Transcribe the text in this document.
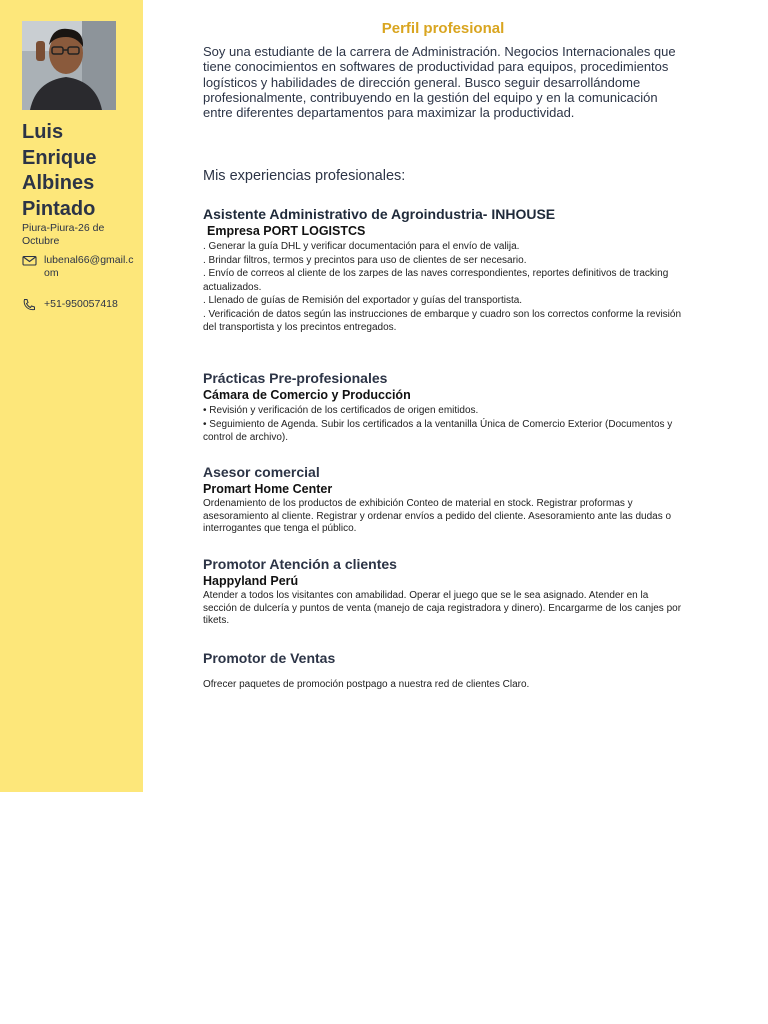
Luis
Enrique
Albines
Pintado
Piura-Piura-26 de Octubre
lubenal66@gmail.com
+51-950057418
Perfil profesional
Soy una estudiante de la carrera de Administración. Negocios Internacionales que tiene conocimientos en softwares de productividad para equipos, procedimientos logísticos y habilidades de dirección general. Busco seguir desarrollándome profesionalmente, contribuyendo en la gestión del equipo y en la comunicación entre diferentes departamentos para maximizar la productividad.
Mis experiencias profesionales:
Asistente Administrativo de Agroindustria- INHOUSE
Empresa PORT LOGISTCS
. Generar la guía DHL y verificar documentación para el envío de valija.
. Brindar filtros, termos y precintos para uso de clientes de ser necesario.
. Envío de correos al cliente de los zarpes de las naves correspondientes, reportes definitivos de tracking actualizados.
. Llenado de guías de Remisión del exportador y guías del transportista.
. Verificación de datos según las instrucciones de embarque y cuadro son los correctos conforme la revisión del transportista y los precintos entregados.
Prácticas Pre-profesionales
Cámara de Comercio y Producción
• Revisión y verificación de los certificados de origen emitidos.
• Seguimiento de Agenda. Subir los certificados a la ventanilla Única de Comercio Exterior (Documentos y control de archivo).
Asesor comercial
Promart Home Center
Ordenamiento de los productos de exhibición Conteo de material en stock. Registrar proformas y asesoramiento al cliente. Registrar y ordenar envíos a pedido del cliente. Asesoramiento ante las dudas o interrogantes que tenga el público.
Promotor Atención a clientes
Happyland Perú
Atender a todos los visitantes con amabilidad. Operar el juego que se le sea asignado. Atender en la sección de dulcería y puntos de venta (manejo de caja registradora y dinero). Encargarme de los canjes por tikets.
Promotor de Ventas
Ofrecer paquetes de promoción postpago a nuestra red de clientes Claro.
